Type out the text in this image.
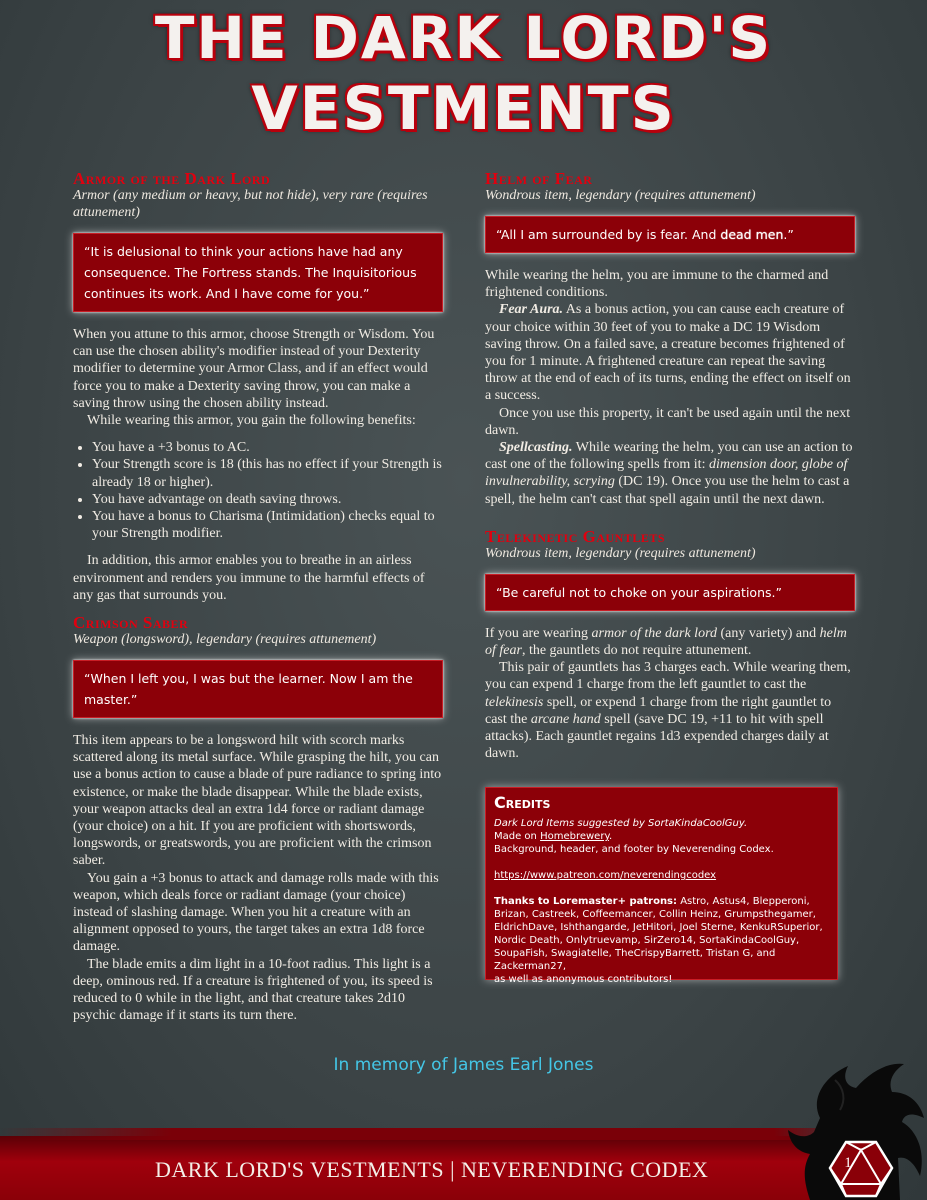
THE DARK LORD'S
VESTMENTS
Armor of the Dark Lord

Armor (any medium or heavy, but not hide), very rare (requires attunement)

“It is delusional to think your actions have had any consequence. The Fortress stands. The Inquisitorious continues its work. And I have come for you.”

When you attune to this armor, choose Strength or Wisdom. You can use the chosen ability's modifier instead of your Dexterity modifier to determine your Armor Class, and if an effect would force you to make a Dexterity saving throw, you can make a saving throw using the chosen ability instead.

While wearing this armor, you gain the following benefits:

• You have a +3 bonus to AC.
• Your Strength score is 18 (this has no effect if your Strength is already 18 or higher).
• You have advantage on death saving throws.
• You have a bonus to Charisma (Intimidation) checks equal to your Strength modifier.

In addition, this armor enables you to breathe in an airless environment and renders you immune to the harmful effects of any gas that surrounds you.

Crimson Saber

Weapon (longsword), legendary (requires attunement)

“When I left you, I was but the learner. Now I am the master.”

This item appears to be a longsword hilt with scorch marks scattered along its metal surface. While grasping the hilt, you can use a bonus action to cause a blade of pure radiance to spring into existence, or make the blade disappear. While the blade exists, your weapon attacks deal an extra 1d4 force or radiant damage (your choice) on a hit. If you are proficient with shortswords, longswords, or greatswords, you are proficient with the crimson saber.

You gain a +3 bonus to attack and damage rolls made with this weapon, which deals force or radiant damage (your choice) instead of slashing damage. When you hit a creature with an alignment opposed to yours, the target takes an extra 1d8 force damage.

The blade emits a dim light in a 10-foot radius. This light is a deep, ominous red. If a creature is frightened of you, its speed is reduced to 0 while in the light, and that creature takes 2d10 psychic damage if it starts its turn there.

Helm of Fear

Wondrous item, legendary (requires attunement)

“All I am surrounded by is fear. And dead men.”

While wearing the helm, you are immune to the charmed and frightened conditions.

Fear Aura. As a bonus action, you can cause each creature of your choice within 30 feet of you to make a DC 19 Wisdom saving throw. On a failed save, a creature becomes frightened of you for 1 minute. A frightened creature can repeat the saving throw at the end of each of its turns, ending the effect on itself on a success.

Once you use this property, it can't be used again until the next dawn.

Spellcasting. While wearing the helm, you can use an action to cast one of the following spells from it: dimension door, globe of invulnerability, scrying (DC 19). Once you use the helm to cast a spell, the helm can't cast that spell again until the next dawn.

Telekinetic Gauntlets

Wondrous item, legendary (requires attunement)

“Be careful not to choke on your aspirations.”

If you are wearing armor of the dark lord (any variety) and helm of fear, the gauntlets do not require attunement.

This pair of gauntlets has 3 charges each. While wearing them, you can expend 1 charge from the left gauntlet to cast the telekinesis spell, or expend 1 charge from the right gauntlet to cast the arcane hand spell (save DC 19, +11 to hit with spell attacks). Each gauntlet regains 1d3 expended charges daily at dawn.

Credits

Dark Lord Items suggested by SortaKindaCoolGuy.

Made on Homebrewery.

Background, header, and footer by Neverending Codex.

https://www.patreon.com/neverendingcodex

Thanks to Loremaster+ patrons: Astro, Astus4, Blepperoni, Brizan, Castreek, Coffeemancer, Collin Heinz, Grumpsthegamer, EldrichDave, Ishthangarde, JetHitori, Joel Sterne, KenkuRSuperior, Nordic Death, Onlytruevamp, SirZero14, SortaKindaCoolGuy, SoupaFish, Swagiatelle, TheCrispyBarrett, Tristan G, and Zackerman27,

as well as anonymous contributors!

In memory of James Earl Jones
DARK LORD'S VESTMENTS | NEVERENDING CODEX	1
